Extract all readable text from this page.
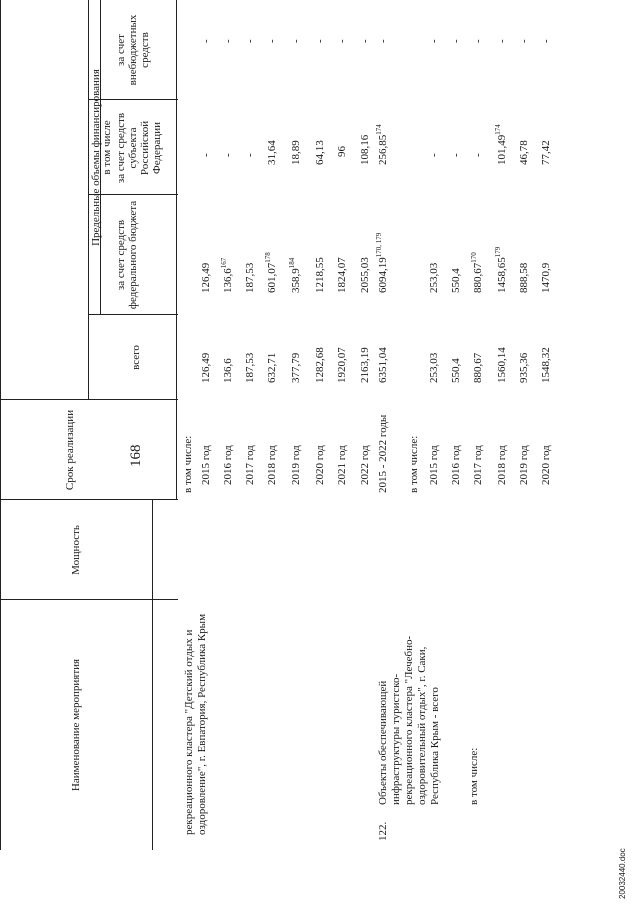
168
20032440.doc
Наименование мероприятия
Мощность
Срок реализации
Предельные объемы финансирования
всего
в том числе
за счет средств федерального бюджета
за счет средств субъекта Российской Федерации
за счет внебюджетных средств
рекреационного кластера "Детский отдых и оздоровление", г. Евпатория, Республика Крым
в том числе: 2015 год
126,49
126,49
-
-
2016 год
136,6
136,6$^{167}$
-
-
2017 год
187,53
187,53
-
-
2018 год
632,71
601,07$^{178}$
31,64
-
2019 год
377,79
358,9$^{184}$
18,89
-
2020 год
1282,68
1218,55
64,13
-
2021 год
1920,07
1824,07
96
-
2022 год
2163,19
2055,03
108,16
-
122.
Объекты обеспечивающей инфраструктуры туристско-рекреационного кластера "Лечебно-оздоровительный отдых", г. Саки, Республика Крым - всего в том числе:
2015 - 2022 годы
6351,04
6094,19$^{170, 179}$
256,85$^{174}$
-
в том числе: 2015 год
253,03
253,03
-
-
2016 год
550,4
550,4
-
-
2017 год
880,67
880,67$^{170}$
-
-
2018 год
1560,14
1458,65$^{179}$
101,49$^{174}$
-
2019 год
935,36
888,58
46,78
-
2020 год
1548,32
1470,9
77,42
-
